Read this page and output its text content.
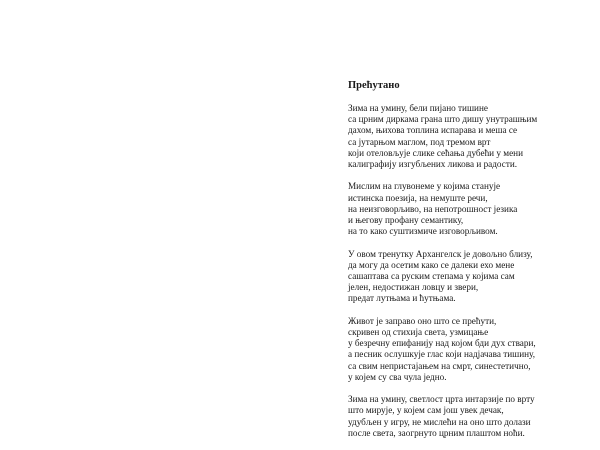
Прећутано
Зима на умину, бели пијано тишине
са црним диркама грана што дишу унутрашњим
дахом, њихова топлина испарава и меша се
са јутарњом маглом, под тремом врт
који отеловљује слике сећања дубећи у мени
калиграфију изгубљених ликова и радости.
Мислим на глувонеме у којима станује
истинска поезија, на немуште речи,
на неизговорљиво, на непотрошност језика
и његову профану семантику,
на то како суштизмиче изговорљивом.
У овом тренутку Архангелск је довољно близу,
да могу да осетим како се далеки ехо мене
сашаптава са руским степама у којима сам
јелен, недостижан ловцу и звери,
предат лутњама и ћутњама.
Живот је заправо оно што се прећути,
скривен од стихија света, узмицање
у безречну епифанију над којом бди дух ствари,
а песник ослушкује глас који надјачава тишину,
са свим непристајањем на смрт, синестетично,
у којем су сва чула једно.
Зима на умину, светлост црта интарзије по врту
што мирује, у којем сам још увек дечак,
удубљен у игру, не мислећи на оно што долази
после света, заогрнуто црним плаштом ноћи.
